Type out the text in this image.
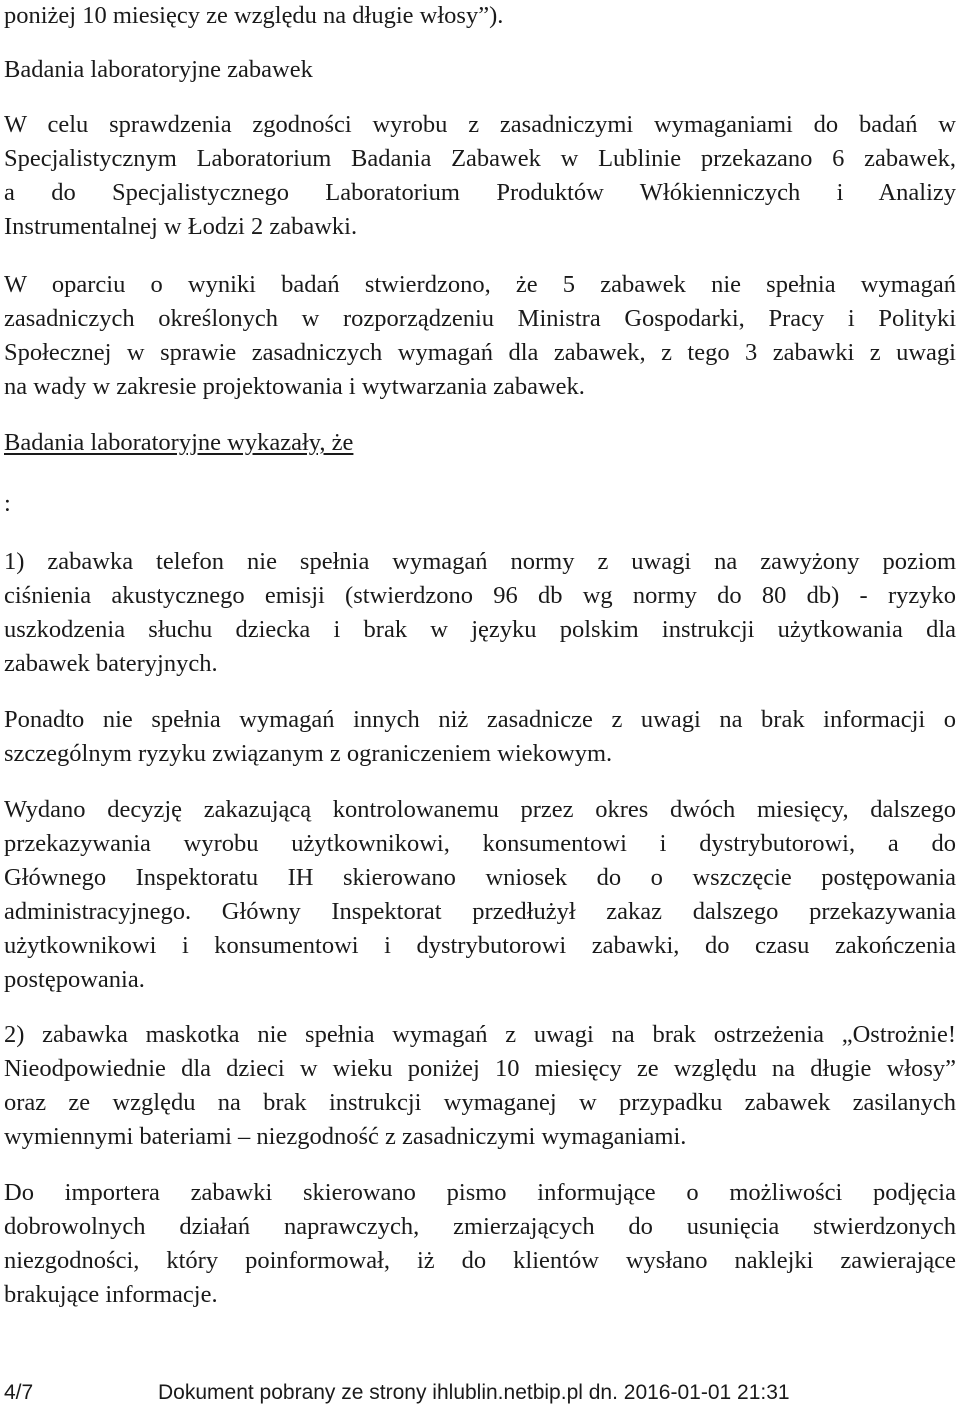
poniżej 10 miesięcy ze względu na długie włosy”).
Badania laboratoryjne zabawek
W celu sprawdzenia zgodności wyrobu z zasadniczymi wymaganiami do badań w
Specjalistycznym Laboratorium Badania Zabawek w Lublinie przekazano 6 zabawek,
a do Specjalistycznego Laboratorium Produktów Włókienniczych i Analizy
Instrumentalnej w Łodzi 2 zabawki.
W oparciu o wyniki badań stwierdzono, że 5 zabawek nie spełnia wymagań
zasadniczych określonych w rozporządzeniu Ministra Gospodarki, Pracy i Polityki
Społecznej w sprawie zasadniczych wymagań dla zabawek, z tego 3 zabawki z uwagi
na wady w zakresie projektowania i wytwarzania zabawek.
Badania laboratoryjne wykazały, że
:
1) zabawka telefon nie spełnia wymagań normy z uwagi na zawyżony poziom
ciśnienia akustycznego emisji (stwierdzono 96 db wg normy do 80 db) - ryzyko
uszkodzenia słuchu dziecka i brak w języku polskim instrukcji użytkowania dla
zabawek bateryjnych.
Ponadto nie spełnia wymagań innych niż zasadnicze z uwagi na brak informacji o
szczególnym ryzyku związanym z ograniczeniem wiekowym.
Wydano decyzję zakazującą kontrolowanemu przez okres dwóch miesięcy, dalszego
przekazywania wyrobu użytkownikowi, konsumentowi i dystrybutorowi, a do
Głównego Inspektoratu IH skierowano wniosek do o wszczęcie postępowania
administracyjnego. Główny Inspektorat przedłużył zakaz dalszego przekazywania
użytkownikowi i konsumentowi i dystrybutorowi zabawki, do czasu zakończenia
postępowania.
2) zabawka maskotka nie spełnia wymagań z uwagi na brak ostrzeżenia „Ostrożnie!
Nieodpowiednie dla dzieci w wieku poniżej 10 miesięcy ze względu na długie włosy”
oraz ze względu na brak instrukcji wymaganej w przypadku zabawek zasilanych
wymiennymi bateriami – niezgodność z zasadniczymi wymaganiami.
Do importera zabawki skierowano pismo informujące o możliwości podjęcia
dobrowolnych działań naprawczych, zmierzających do usunięcia stwierdzonych
niezgodności, który poinformował, iż do klientów wysłano naklejki zawierające
brakujące informacje.
4/7	Dokument pobrany ze strony ihlublin.netbip.pl dn. 2016-01-01 21:31
